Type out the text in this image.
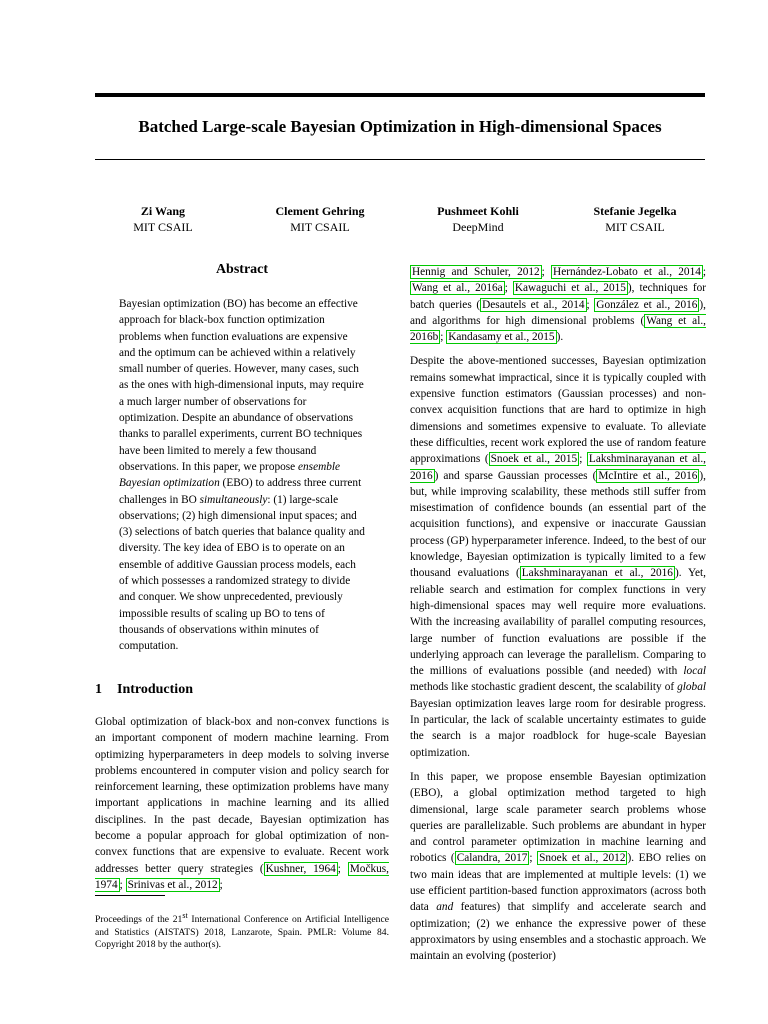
Batched Large-scale Bayesian Optimization in High-dimensional Spaces
Zi Wang
MIT CSAIL
Clement Gehring
MIT CSAIL
Pushmeet Kohli
DeepMind
Stefanie Jegelka
MIT CSAIL
Abstract

Bayesian optimization (BO) has become an effective approach for black-box function optimization problems when function evaluations are expensive and the optimum can be achieved within a relatively small number of queries. However, many cases, such as the ones with high-dimensional inputs, may require a much larger number of observations for optimization. Despite an abundance of observations thanks to parallel experiments, current BO techniques have been limited to merely a few thousand observations. In this paper, we propose ensemble Bayesian optimization (EBO) to address three current challenges in BO simultaneously: (1) large-scale observations; (2) high dimensional input spaces; and (3) selections of batch queries that balance quality and diversity. The key idea of EBO is to operate on an ensemble of additive Gaussian process models, each of which possesses a randomized strategy to divide and conquer. We show unprecedented, previously impossible results of scaling up BO to tens of thousands of observations within minutes of computation.

1 Introduction

Global optimization of black-box and non-convex functions is an important component of modern machine learning. From optimizing hyperparameters in deep models to solving inverse problems encountered in computer vision and policy search for reinforcement learning, these optimization problems have many important applications in machine learning and its allied disciplines. In the past decade, Bayesian optimization has become a popular approach for global optimization of non-convex functions that are expensive to evaluate. Recent work addresses better query strategies ( Kushner, 1964 ; Močkus, 1974 ; Srinivas et al., 2012 ;

Proceedings of the 21st International Conference on Artificial Intelligence and Statistics (AISTATS) 2018, Lanzarote, Spain. PMLR: Volume 84. Copyright 2018 by the author(s).

Hennig and Schuler, 2012 ; Hernández-Lobato et al., 2014 ; Wang et al., 2016a ; Kawaguchi et al., 2015 ), techniques for batch queries ( Desautels et al., 2014 ; González et al., 2016 ), and algorithms for high dimensional problems ( Wang et al., 2016b ; Kandasamy et al., 2015 ).

Despite the above-mentioned successes, Bayesian optimization remains somewhat impractical, since it is typically coupled with expensive function estimators (Gaussian processes) and non-convex acquisition functions that are hard to optimize in high dimensions and sometimes expensive to evaluate. To alleviate these difficulties, recent work explored the use of random feature approximations ( Snoek et al., 2015 ; Lakshminarayanan et al., 2016 ) and sparse Gaussian processes ( McIntire et al., 2016 ), but, while improving scalability, these methods still suffer from misestimation of confidence bounds (an essential part of the acquisition functions), and expensive or inaccurate Gaussian process (GP) hyperparameter inference. Indeed, to the best of our knowledge, Bayesian optimization is typically limited to a few thousand evaluations ( Lakshminarayanan et al., 2016 ). Yet, reliable search and estimation for complex functions in very high-dimensional spaces may well require more evaluations. With the increasing availability of parallel computing resources, large number of function evaluations are possible if the underlying approach can leverage the parallelism. Comparing to the millions of evaluations possible (and needed) with local methods like stochastic gradient descent, the scalability of global Bayesian optimization leaves large room for desirable progress. In particular, the lack of scalable uncertainty estimates to guide the search is a major roadblock for huge-scale Bayesian optimization.

In this paper, we propose ensemble Bayesian optimization (EBO), a global optimization method targeted to high dimensional, large scale parameter search problems whose queries are parallelizable. Such problems are abundant in hyper and control parameter optimization in machine learning and robotics ( Calandra, 2017 ; Snoek et al., 2012 ). EBO relies on two main ideas that are implemented at multiple levels: (1) we use efficient partition-based function approximators (across both data and features) that simplify and accelerate search and optimization; (2) we enhance the expressive power of these approximators by using ensembles and a stochastic approach. We maintain an evolving (posterior)
